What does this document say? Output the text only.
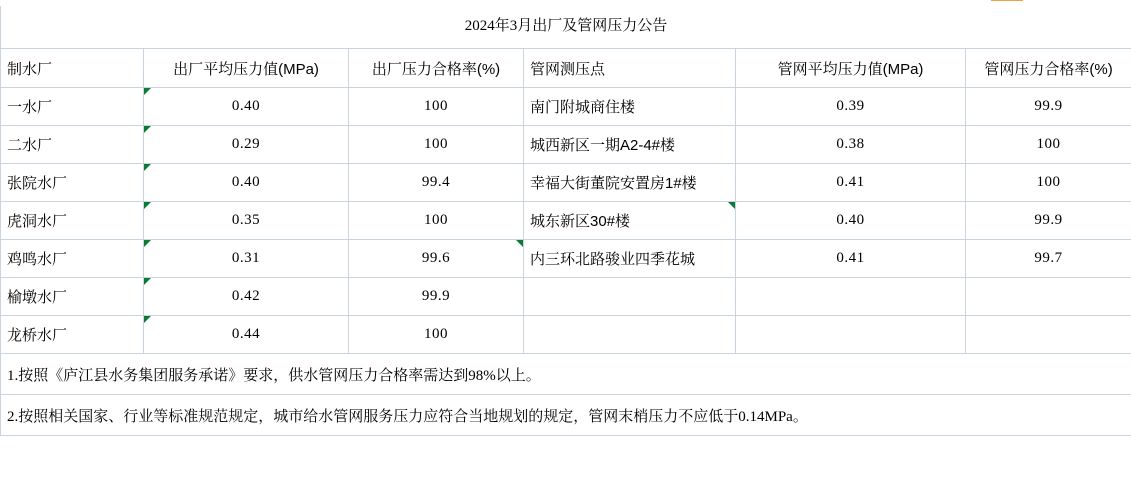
2024年3月出厂及管网压力公告					
制水厂	出厂平均压力值(MPa)	出厂压力合格率(%)	管网测压点	管网平均压力值(MPa)	管网压力合格率(%)
一水厂	0.40	100	南门附城商住楼	0.39	99.9
二水厂	0.29	100	城西新区一期A2-4#楼	0.38	100
张院水厂	0.40	99.4	幸福大街董院安置房1#楼	0.41	100
虎洞水厂	0.35	100	城东新区30#楼	0.40	99.9
鸡鸣水厂	0.31	99.6	内三环北路骏业四季花城	0.41	99.7
榆墩水厂	0.42	99.9			
龙桥水厂	0.44	100			
1.按照《庐江县水务集团服务承诺》要求，供水管网压力合格率需达到98%以上。					
2.按照相关国家、行业等标准规范规定，城市给水管网服务压力应符合当地规划的规定，管网末梢压力不应低于0.14MPa。					
